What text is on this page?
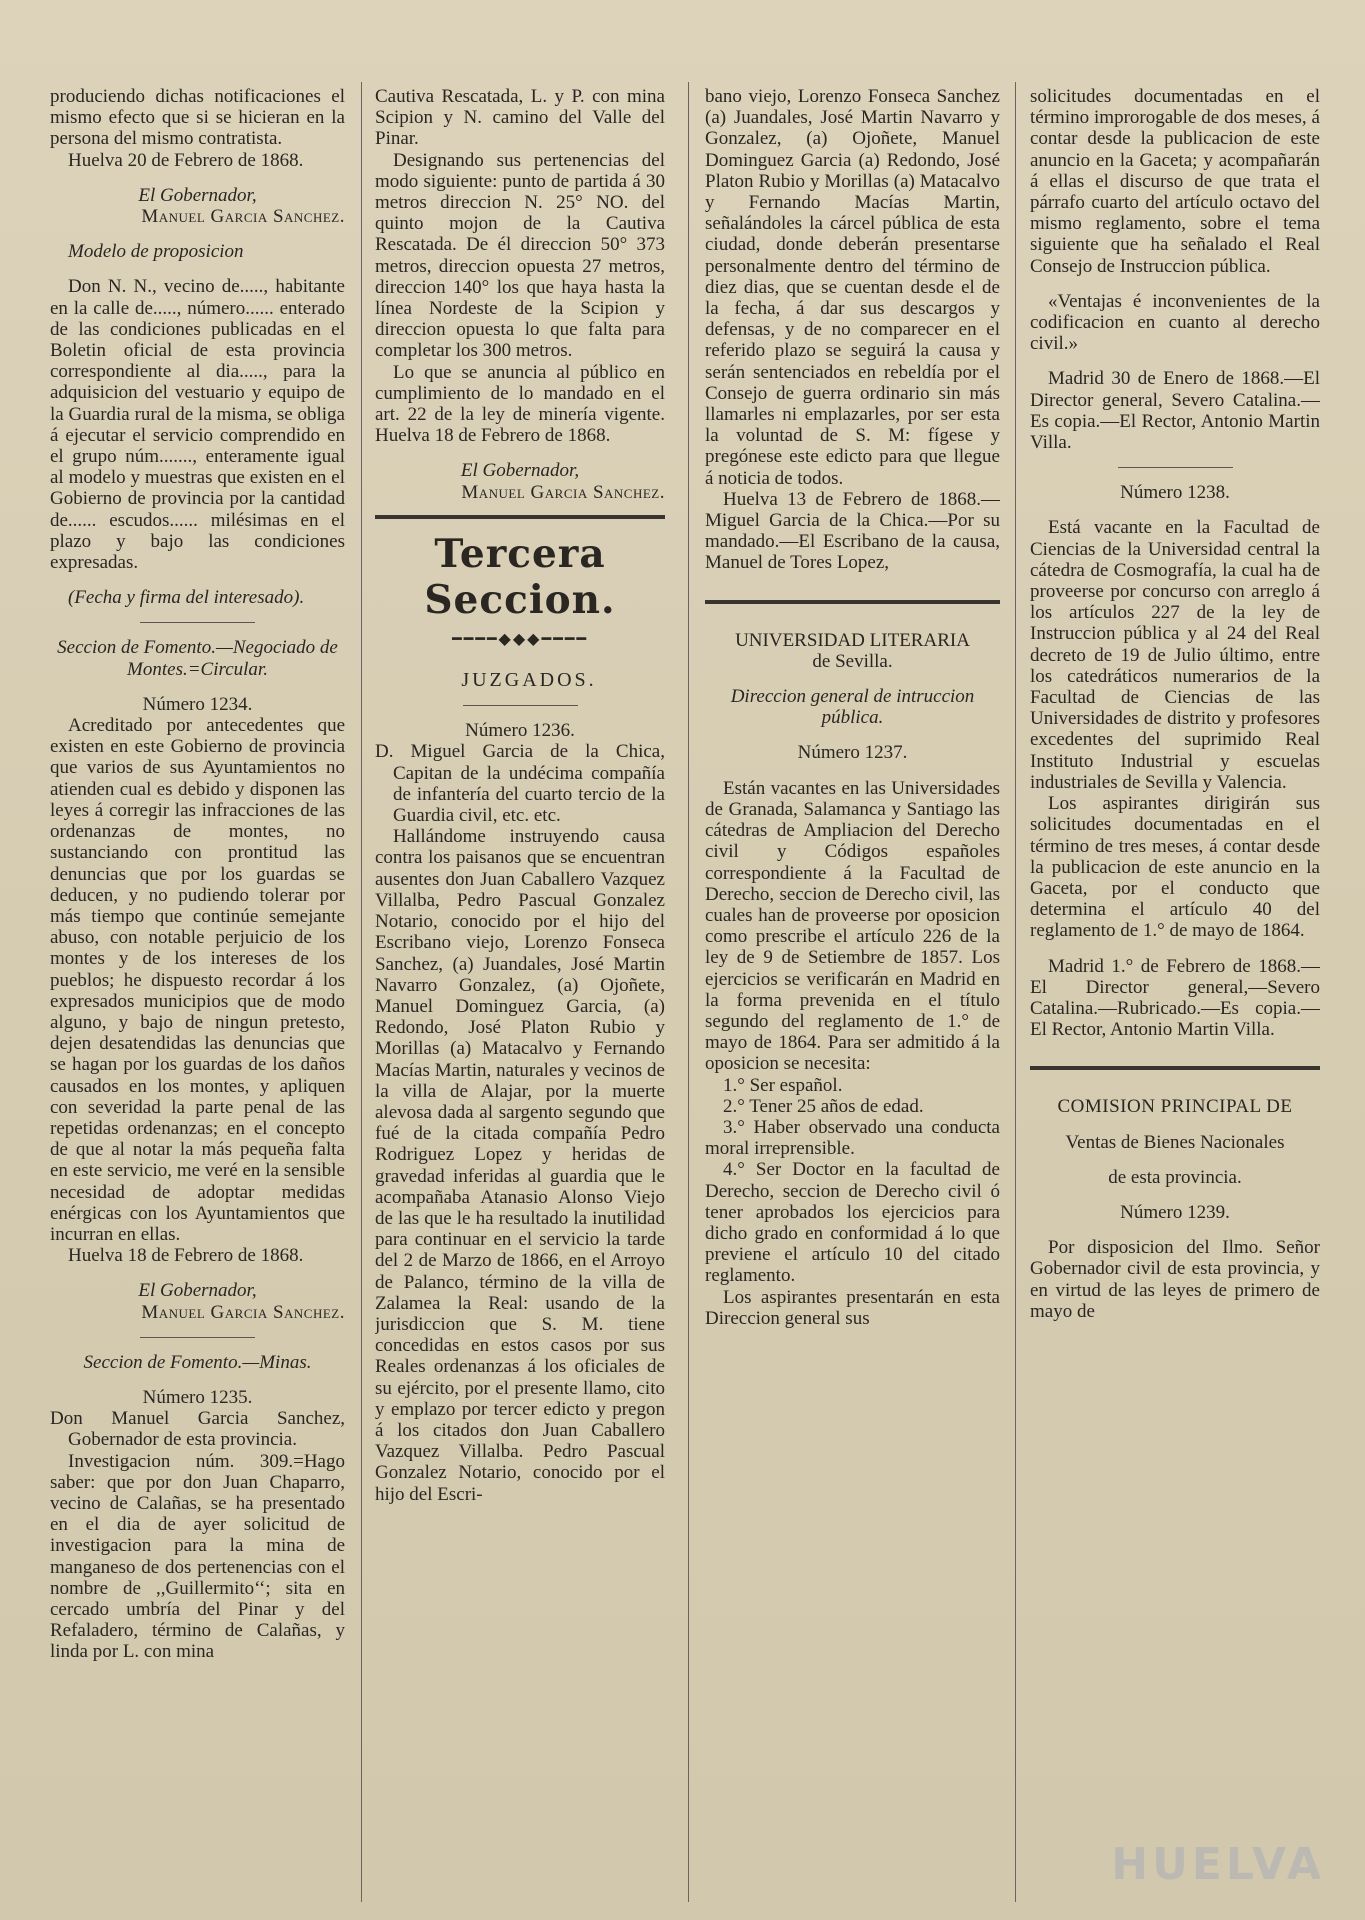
produciendo dichas notificaciones el mismo efecto que si se hicieran en la persona del mismo contratista.

Huelva 20 de Febrero de 1868.

El Gobernador,

Manuel Garcia Sanchez.

Modelo de proposicion

Don N. N., vecino de....., habitante en la calle de....., número...... enterado de las condiciones publicadas en el Boletin oficial de esta provincia correspondiente al dia....., para la adquisicion del vestuario y equipo de la Guardia rural de la misma, se obliga á ejecutar el servicio comprendido en el grupo núm......., enteramente igual al modelo y muestras que existen en el Gobierno de provincia por la cantidad de...... escudos...... milésimas en el plazo y bajo las condiciones expresadas.

(Fecha y firma del interesado).

Seccion de Fomento.—Negociado de Montes.=Circular.

Número 1234.

Acreditado por antecedentes que existen en este Gobierno de provincia que varios de sus Ayuntamientos no atienden cual es debido y disponen las leyes á corregir las infracciones de las ordenanzas de montes, no sustanciando con prontitud las denuncias que por los guardas se deducen, y no pudiendo tolerar por más tiempo que continúe semejante abuso, con notable perjuicio de los montes y de los intereses de los pueblos; he dispuesto recordar á los expresados municipios que de modo alguno, y bajo de ningun pretesto, dejen desatendidas las denuncias que se hagan por los guardas de los daños causados en los montes, y apliquen con severidad la parte penal de las repetidas ordenanzas; en el concepto de que al notar la más pequeña falta en este servicio, me veré en la sensible necesidad de adoptar medidas enérgicas con los Ayuntamientos que incurran en ellas.

Huelva 18 de Febrero de 1868.

El Gobernador,

Manuel Garcia Sanchez.

Seccion de Fomento.—Minas.

Número 1235.

Don Manuel Garcia Sanchez, Gobernador de esta provincia.

Investigacion núm. 309.=Hago saber: que por don Juan Chaparro, vecino de Calañas, se ha presentado en el dia de ayer solicitud de investigacion para la mina de manganeso de dos pertenencias con el nombre de ,,Guillermito‘‘; sita en cercado umbría del Pinar y del Refaladero, término de Calañas, y linda por L. con mina

Cautiva Rescatada, L. y P. con mina Scipion y N. camino del Valle del Pinar.

Designando sus pertenencias del modo siguiente: punto de partida á 30 metros direccion N. 25° NO. del quinto mojon de la Cautiva Rescatada. De él direccion 50° 373 metros, direccion opuesta 27 metros, direccion 140° los que haya hasta la línea Nordeste de la Scipion y direccion opuesta lo que falta para completar los 300 metros.

Lo que se anuncia al público en cumplimiento de lo mandado en el art. 22 de la ley de minería vigente. Huelva 18 de Febrero de 1868.

El Gobernador,

Manuel Garcia Sanchez.

Tercera Seccion.
━━━━◆◆◆━━━━

JUZGADOS.

Número 1236.

D. Miguel Garcia de la Chica, Capitan de la undécima compañía de infantería del cuarto tercio de la Guardia civil, etc. etc.

Hallándome instruyendo causa contra los paisanos que se encuentran ausentes don Juan Caballero Vazquez Villalba, Pedro Pascual Gonzalez Notario, conocido por el hijo del Escribano viejo, Lorenzo Fonseca Sanchez, (a) Juandales, José Martin Navarro Gonzalez, (a) Ojoñete, Manuel Dominguez Garcia, (a) Redondo, José Platon Rubio y Morillas (a) Matacalvo y Fernando Macías Martin, naturales y vecinos de la villa de Alajar, por la muerte alevosa dada al sargento segundo que fué de la citada compañía Pedro Rodriguez Lopez y heridas de gravedad inferidas al guardia que le acompañaba Atanasio Alonso Viejo de las que le ha resultado la inutilidad para continuar en el servicio la tarde del 2 de Marzo de 1866, en el Arroyo de Palanco, término de la villa de Zalamea la Real: usando de la jurisdiccion que S. M. tiene concedidas en estos casos por sus Reales ordenanzas á los oficiales de su ejército, por el presente llamo, cito y emplazo por tercer edicto y pregon á los citados don Juan Caballero Vazquez Villalba. Pedro Pascual Gonzalez Notario, conocido por el hijo del Escri-

bano viejo, Lorenzo Fonseca Sanchez (a) Juandales, José Martin Navarro y Gonzalez, (a) Ojoñete, Manuel Dominguez Garcia (a) Redondo, José Platon Rubio y Morillas (a) Matacalvo y Fernando Macías Martin, señalándoles la cárcel pública de esta ciudad, donde deberán presentarse personalmente dentro del término de diez dias, que se cuentan desde el de la fecha, á dar sus descargos y defensas, y de no comparecer en el referido plazo se seguirá la causa y serán sentenciados en rebeldía por el Consejo de guerra ordinario sin más llamarles ni emplazarles, por ser esta la voluntad de S. M: fígese y pregónese este edicto para que llegue á noticia de todos.

Huelva 13 de Febrero de 1868.—Miguel Garcia de la Chica.—Por su mandado.—El Escribano de la causa, Manuel de Tores Lopez,

UNIVERSIDAD LITERARIA

de Sevilla.

Direccion general de intruccion pública.

Número 1237.

Están vacantes en las Universidades de Granada, Salamanca y Santiago las cátedras de Ampliacion del Derecho civil y Códigos españoles correspondiente á la Facultad de Derecho, seccion de Derecho civil, las cuales han de proveerse por oposicion como prescribe el artículo 226 de la ley de 9 de Setiembre de 1857. Los ejercicios se verificarán en Madrid en la forma prevenida en el título segundo del reglamento de 1.° de mayo de 1864. Para ser admitido á la oposicion se necesita:

1.° Ser español.

2.° Tener 25 años de edad.

3.° Haber observado una conducta moral irreprensible.

4.° Ser Doctor en la facultad de Derecho, seccion de Derecho civil ó tener aprobados los ejercicios para dicho grado en conformidad á lo que previene el artículo 10 del citado reglamento.

Los aspirantes presentarán en esta Direccion general sus

solicitudes documentadas en el término improrogable de dos meses, á contar desde la publicacion de este anuncio en la Gaceta; y acompañarán á ellas el discurso de que trata el párrafo cuarto del artículo octavo del mismo reglamento, sobre el tema siguiente que ha señalado el Real Consejo de Instruccion pública.

«Ventajas é inconvenientes de la codificacion en cuanto al derecho civil.»

Madrid 30 de Enero de 1868.—El Director general, Severo Catalina.—Es copia.—El Rector, Antonio Martin Villa.

Número 1238.

Está vacante en la Facultad de Ciencias de la Universidad central la cátedra de Cosmografía, la cual ha de proveerse por concurso con arreglo á los artículos 227 de la ley de Instruccion pública y al 24 del Real decreto de 19 de Julio último, entre los catedráticos numerarios de la Facultad de Ciencias de las Universidades de distrito y profesores excedentes del suprimido Real Instituto Industrial y escuelas industriales de Sevilla y Valencia.

Los aspirantes dirigirán sus solicitudes documentadas en el término de tres meses, á contar desde la publicacion de este anuncio en la Gaceta, por el conducto que determina el artículo 40 del reglamento de 1.° de mayo de 1864.

Madrid 1.° de Febrero de 1868.—El Director general,—Severo Catalina.—Rubricado.—Es copia.—El Rector, Antonio Martin Villa.

COMISION PRINCIPAL DE

Ventas de Bienes Nacionales

de esta provincia.

Número 1239.

Por disposicion del Ilmo. Señor Gobernador civil de esta provincia, y en virtud de las leyes de primero de mayo de

HUELVA
